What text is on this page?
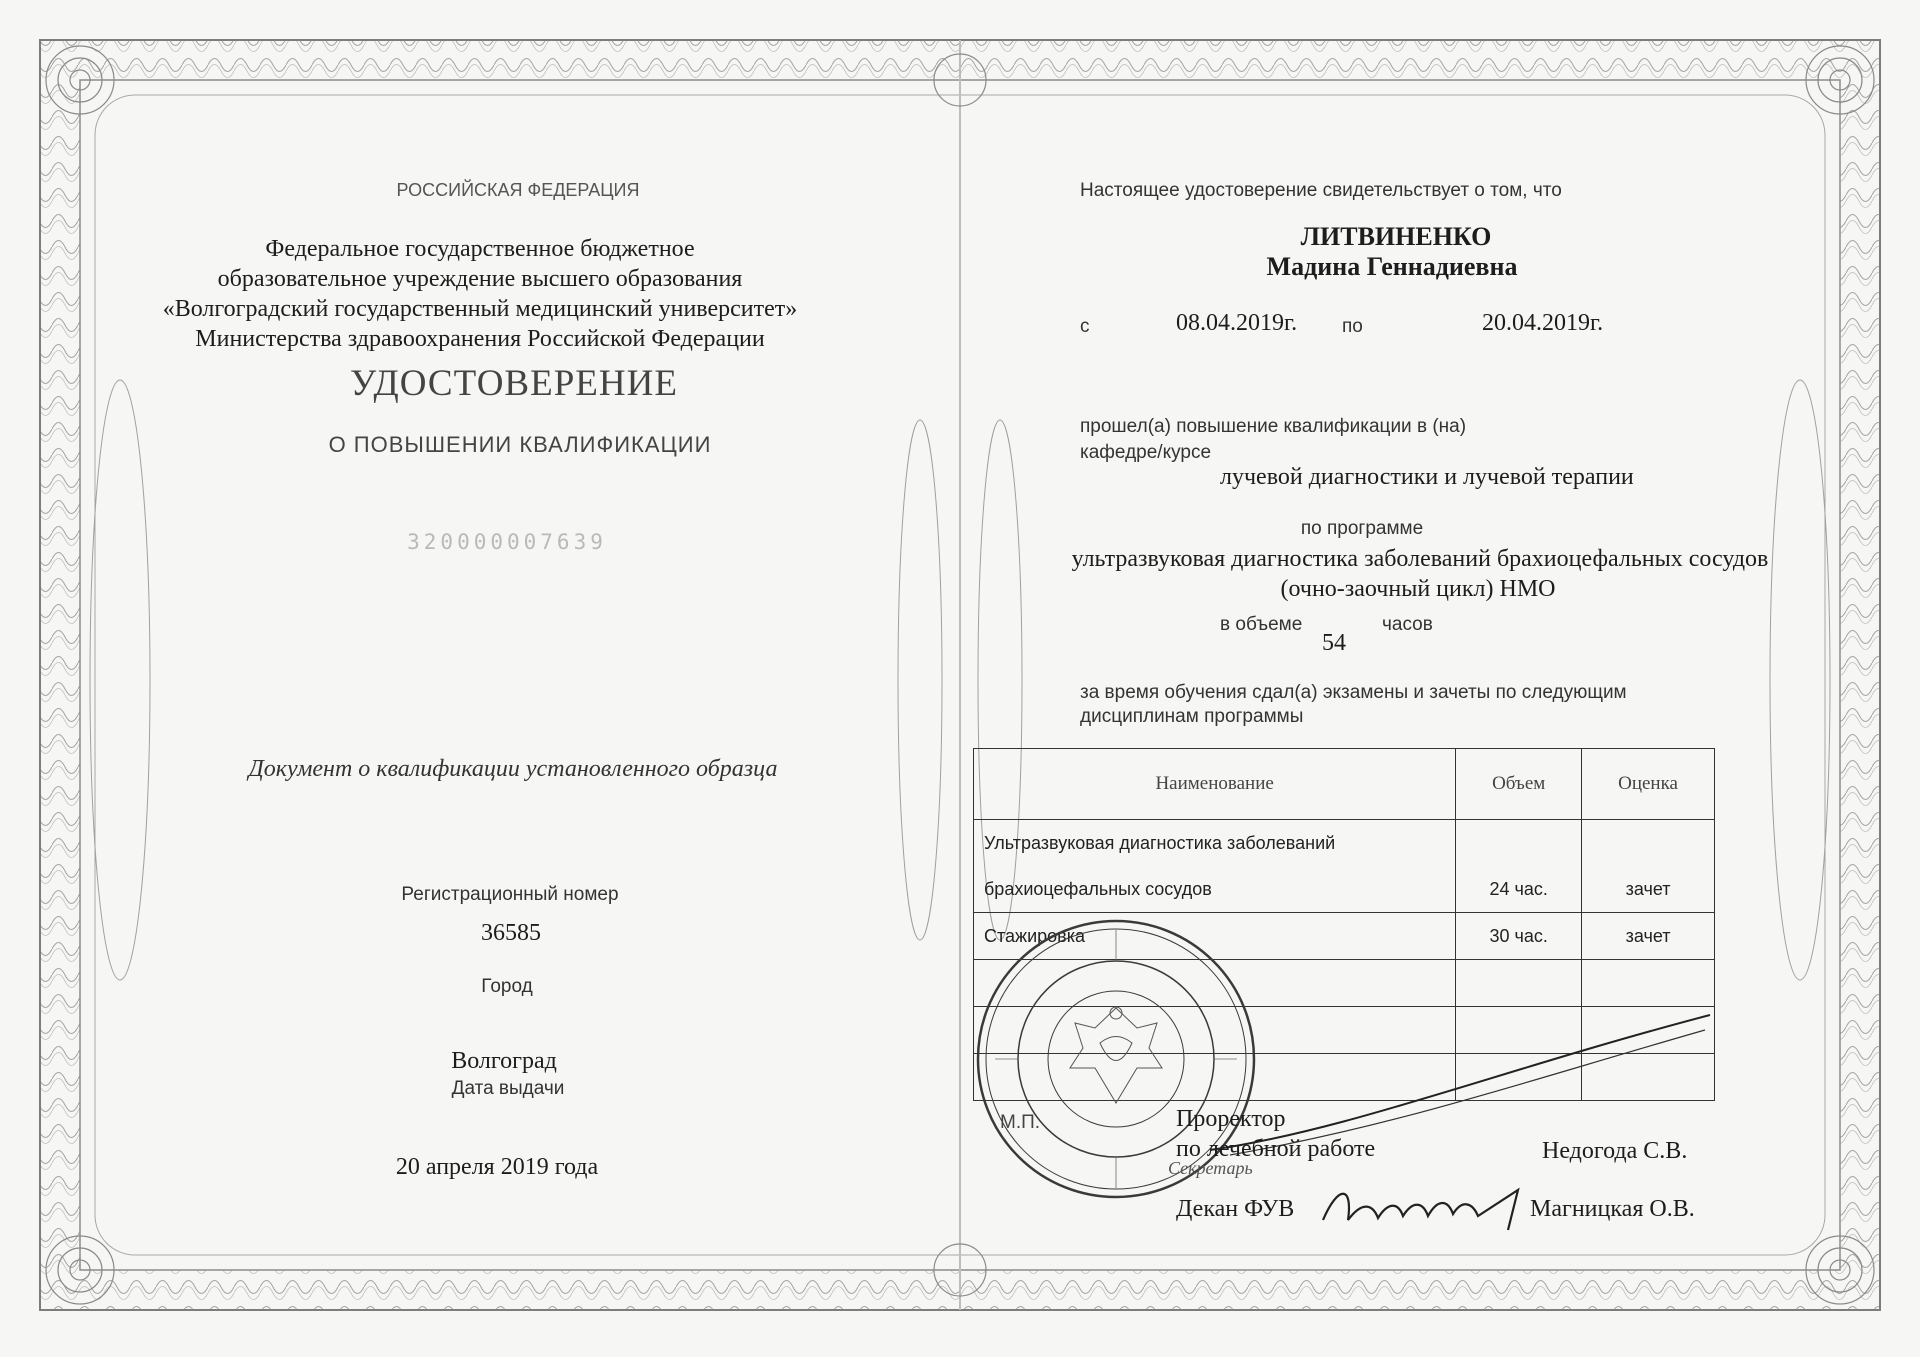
РОССИЙСКАЯ ФЕДЕРАЦИЯ
Федеральное государственное бюджетное
образовательное учреждение высшего образования
«Волгоградский государственный медицинский университет»
Министерства здравоохранения Российской Федерации
УДОСТОВЕРЕНИЕ
О ПОВЫШЕНИИ КВАЛИФИКАЦИИ
320000007639
Документ о квалификации установленного образца
Регистрационный номер
36585
Город
Волгоград
Дата выдачи
20 апреля 2019 года
Настоящее удостоверение свидетельствует о том, что
ЛИТВИНЕНКО
Мадина Геннадиевна
с	08.04.2019г. по	20.04.2019г.
прошел(а) повышение квалификации в (на)
кафедре/курсе
лучевой диагностики и лучевой терапии
по программе
ультразвуковая диагностика заболеваний брахиоцефальных сосудов
(очно-заочный цикл) НМО
в объеме	часов
54
за время обучения сдал(а) экзамены и зачеты по следующим
дисциплинам программы
Наименование	Объем	Оценка
Ультразвуковая диагностика заболеваний		
брахиоцефальных сосудов	24 час.	зачет
Стажировка	30 час.	зачет

М.П.	Проректор
по лечебной работе	Недогода С.В.
Секретарь
Декан ФУВ	Магницкая О.В.
